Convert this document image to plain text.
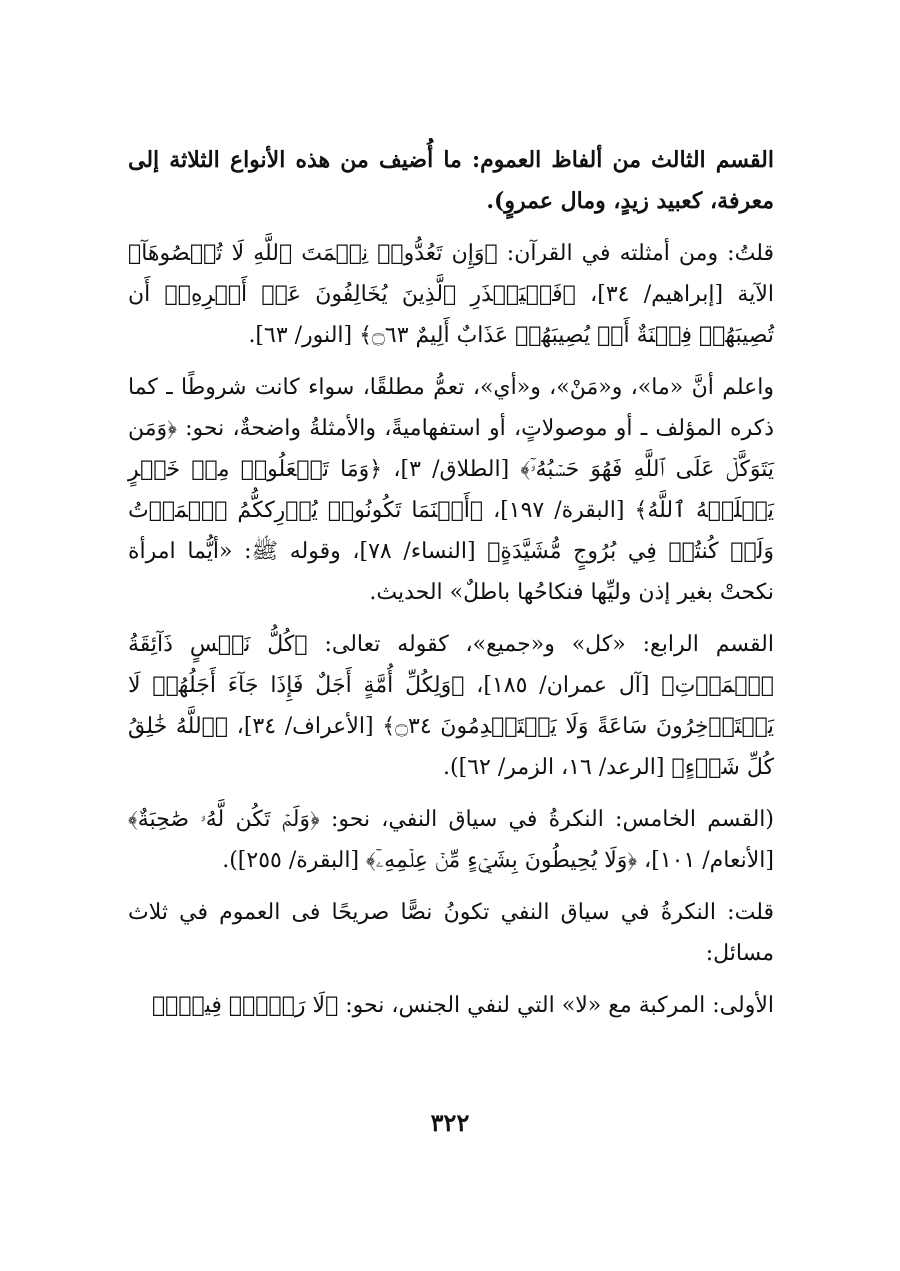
القسم الثالث من ألفاظ العموم: ما أُضيف من هذه الأنواع الثلاثة إلى معرفة، كعبيد زيدٍ، ومال عمروٍ).

قلتُ: ومن أمثلته في القرآن: ﴿وَإِن تَعُدُّوا۟ نِعۡمَتَ ٱللَّهِ لَا تُحۡصُوهَآ﴾ الآية [إبراهيم/ ٣٤]، ﴿فَلۡيَحۡذَرِ ٱلَّذِينَ يُخَالِفُونَ عَنۡ أَمۡرِهِۦٓ أَن تُصِيبَهُمۡ فِتۡنَةٌ أَوۡ يُصِيبَهُمۡ عَذَابٌ أَلِيمٌ ۝٦٣﴾ [النور/ ٦٣].

واعلم أنَّ «ما»، و«مَنْ»، و«أي»، تعمُّ مطلقًا، سواء كانت شروطًا ـ كما ذكره المؤلف ـ أو موصولاتٍ، أو استفهاميةً، والأمثلةُ واضحةٌ، نحو: ﴿وَمَن يَتَوَكَّلۡ عَلَى ٱللَّهِ فَهُوَ حَسۡبُهُۥٓ﴾ [الطلاق/ ٣]، ﴿وَمَا تَفۡعَلُوا۟ مِنۡ خَيۡرٍ يَعۡلَمۡهُ ٱللَّهُ﴾ [البقرة/ ١٩٧]، ﴿أَيۡنَمَا تَكُونُوا۟ يُدۡرِككُّمُ ٱلۡمَوۡتُ وَلَوۡ كُنتُمۡ فِي بُرُوجٍ مُّشَيَّدَةٍ﴾ [النساء/ ٧٨]، وقوله ﷺ: «أيُّما امرأة نكحتْ بغير إذن وليِّها فنكاحُها باطلٌ» الحديث.

القسم الرابع: «كل» و«جميع»، كقوله تعالى: ﴿كُلُّ نَفۡسٍ ذَآئِقَةُ ٱلۡمَوۡتِ﴾ [آل عمران/ ١٨٥]، ﴿وَلِكُلِّ أُمَّةٍ أَجَلٌ فَإِذَا جَآءَ أَجَلُهُمۡ لَا يَسۡتَأۡخِرُونَ سَاعَةً وَلَا يَسۡتَقۡدِمُونَ ۝٣٤﴾ [الأعراف/ ٣٤]، ﴿ٱللَّهُ خَٰلِقُ كُلِّ شَيۡءٍ﴾ [الرعد/ ١٦، الزمر/ ٦٢]).

(القسم الخامس: النكرةُ في سياق النفي، نحو: ﴿وَلَمۡ تَكُن لَّهُۥ صَٰحِبَةٌ﴾ [الأنعام/ ١٠١]، ﴿وَلَا يُحِيطُونَ بِشَيۡءٍ مِّنۡ عِلۡمِهِۦٓ﴾ [البقرة/ ٢٥٥]).

قلت: النكرةُ في سياق النفي تكونُ نصًّا صريحًا فى العموم في ثلاث مسائل:

الأولى: المركبة مع «لا» التي لنفي الجنس، نحو: ﴿لَا رَيۡبَۛ فِيهِۛ﴾

٣٢٢
